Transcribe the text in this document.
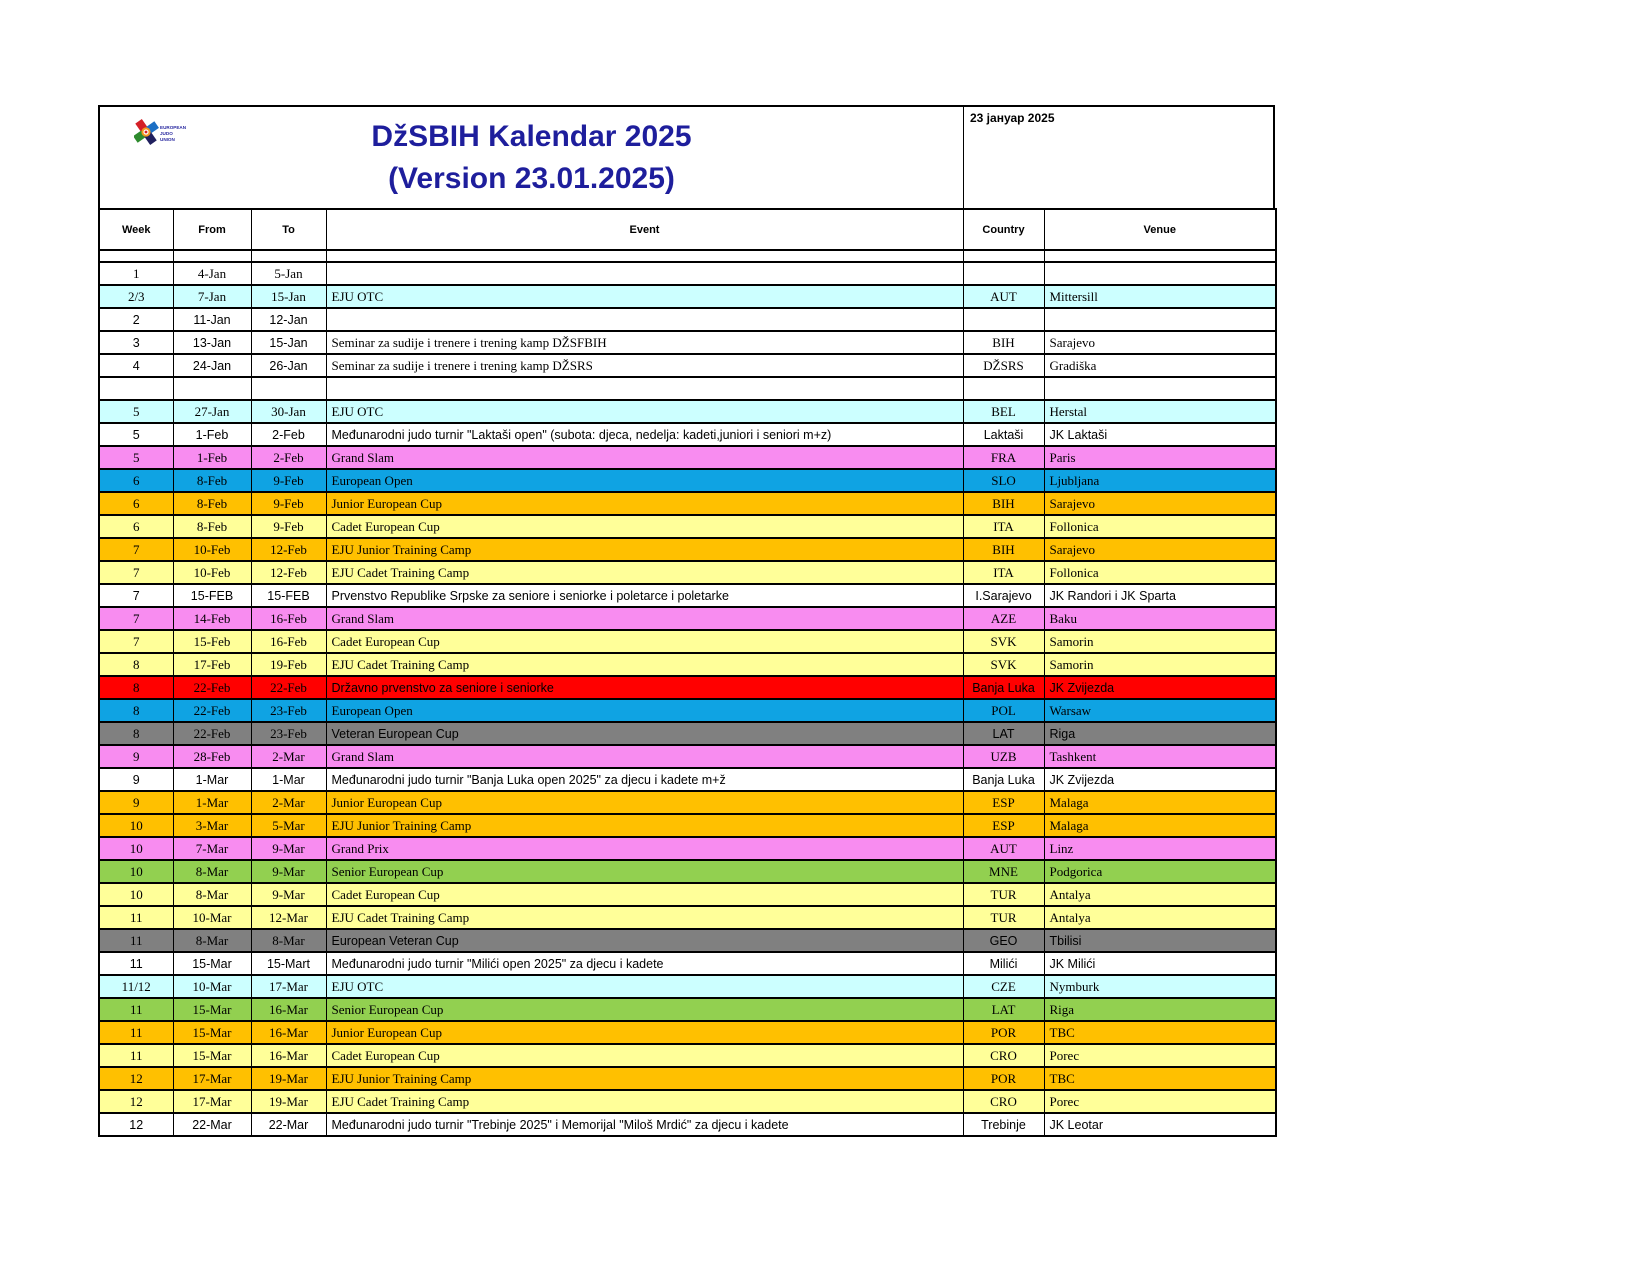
EUROPEAN
JUDO
UNION	DžSBIH Kalendar 2025
(Version 23.01.2025)
23 јануар 2025
Week	From	To	Event	Country	Venue

1	4-Jan	5-Jan			
2/3	7-Jan	15-Jan	EJU OTC	AUT	Mittersill
2	11-Jan	12-Jan			
3	13-Jan	15-Jan	Seminar za sudije i trenere i trening kamp DŽSFBIH	BIH	Sarajevo
4	24-Jan	26-Jan	Seminar za sudije i trenere i trening kamp DŽSRS	DŽSRS	Gradiška

5	27-Jan	30-Jan	EJU OTC	BEL	Herstal
5	1-Feb	2-Feb	Međunarodni judo turnir "Laktaši open" (subota: djeca, nedelja: kadeti,juniori i seniori m+z)	Laktaši	JK Laktaši
5	1-Feb	2-Feb	Grand Slam	FRA	Paris
6	8-Feb	9-Feb	European Open	SLO	Ljubljana
6	8-Feb	9-Feb	Junior European Cup	BIH	Sarajevo
6	8-Feb	9-Feb	Cadet European Cup	ITA	Follonica
7	10-Feb	12-Feb	EJU Junior Training Camp	BIH	Sarajevo
7	10-Feb	12-Feb	EJU Cadet Training Camp	ITA	Follonica
7	15-FEB	15-FEB	Prvenstvo Republike Srpske za seniore i seniorke i poletarce i poletarke	I.Sarajevo	JK Randori i JK Sparta
7	14-Feb	16-Feb	Grand Slam	AZE	Baku
7	15-Feb	16-Feb	Cadet European Cup	SVK	Samorin
8	17-Feb	19-Feb	EJU Cadet Training Camp	SVK	Samorin
8	22-Feb	22-Feb	Državno prvenstvo za seniore i seniorke	Banja Luka	JK Zvijezda
8	22-Feb	23-Feb	European Open	POL	Warsaw
8	22-Feb	23-Feb	Veteran European Cup	LAT	Riga
9	28-Feb	2-Mar	Grand Slam	UZB	Tashkent
9	1-Mar	1-Mar	Međunarodni judo turnir "Banja Luka open 2025" za djecu i kadete m+ž	Banja Luka	JK Zvijezda
9	1-Mar	2-Mar	Junior European Cup	ESP	Malaga
10	3-Mar	5-Mar	EJU Junior Training Camp	ESP	Malaga
10	7-Mar	9-Mar	Grand Prix	AUT	Linz
10	8-Mar	9-Mar	Senior European Cup	MNE	Podgorica
10	8-Mar	9-Mar	Cadet European Cup	TUR	Antalya
11	10-Mar	12-Mar	EJU Cadet Training Camp	TUR	Antalya
11	8-Mar	8-Mar	European Veteran Cup	GEO	Tbilisi
11	15-Mar	15-Mart	Međunarodni judo turnir "Milići open 2025" za djecu i kadete	Milići	JK Milići
11/12	10-Mar	17-Mar	EJU OTC	CZE	Nymburk
11	15-Mar	16-Mar	Senior European Cup	LAT	Riga
11	15-Mar	16-Mar	Junior European Cup	POR	TBC
11	15-Mar	16-Mar	Cadet European Cup	CRO	Porec
12	17-Mar	19-Mar	EJU Junior Training Camp	POR	TBC
12	17-Mar	19-Mar	EJU Cadet Training Camp	CRO	Porec
12	22-Mar	22-Mar	Međunarodni judo turnir "Trebinje 2025" i Memorijal "Miloš Mrdić" za djecu i kadete	Trebinje	JK Leotar
